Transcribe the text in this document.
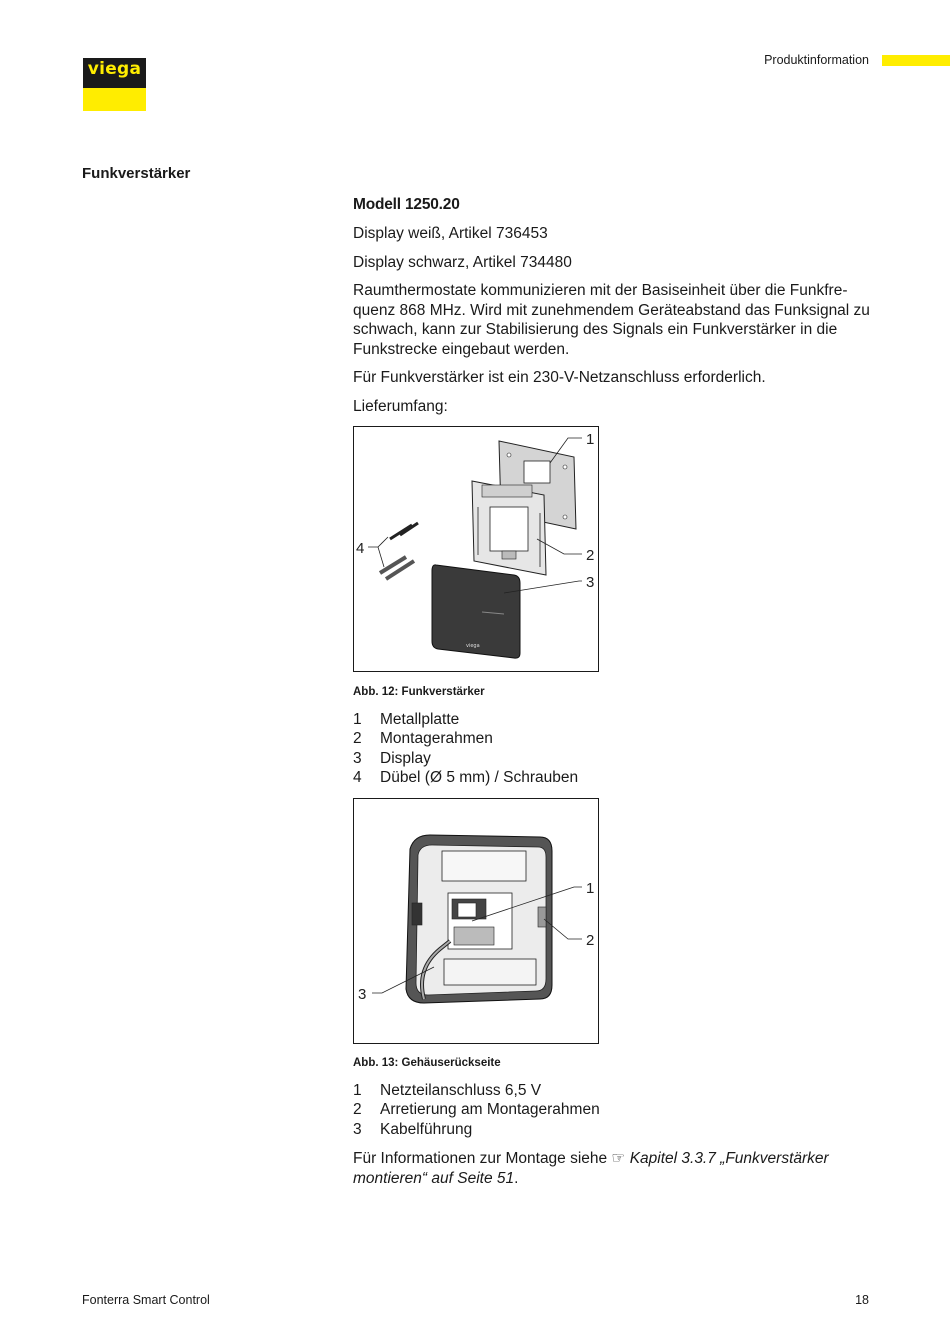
viega	Produktinformation
Funkverstärker

Modell 1250.20

Display weiß, Artikel 736453

Display schwarz, Artikel 734480

Raumthermostate kommunizieren mit der Basiseinheit über die Funkfrequenz 868 MHz. Wird mit zunehmendem Geräteabstand das Funksignal zu schwach, kann zur Stabilisierung des Signals ein Funkverstärker in die Funkstrecke eingebaut werden.

Für Funkverstärker ist ein 230-V-Netzanschluss erforderlich.

Lieferumfang:

viega
1
2
3
4
Abb. 12: Funkverstärker
1	Metallplatte
2	Montagerahmen
3	Display
4	Dübel (Ø 5 mm) / Schrauben
1
2
3
Abb. 13: Gehäuserückseite
1	Netzteilanschluss 6,5 V
2	Arretierung am Montagerahmen
3	Kabelführung
Für Informationen zur Montage siehe ☞ Kapitel 3.3.7 „Funkverstärker
montieren“ auf Seite 51.
Fonterra Smart Control	18
